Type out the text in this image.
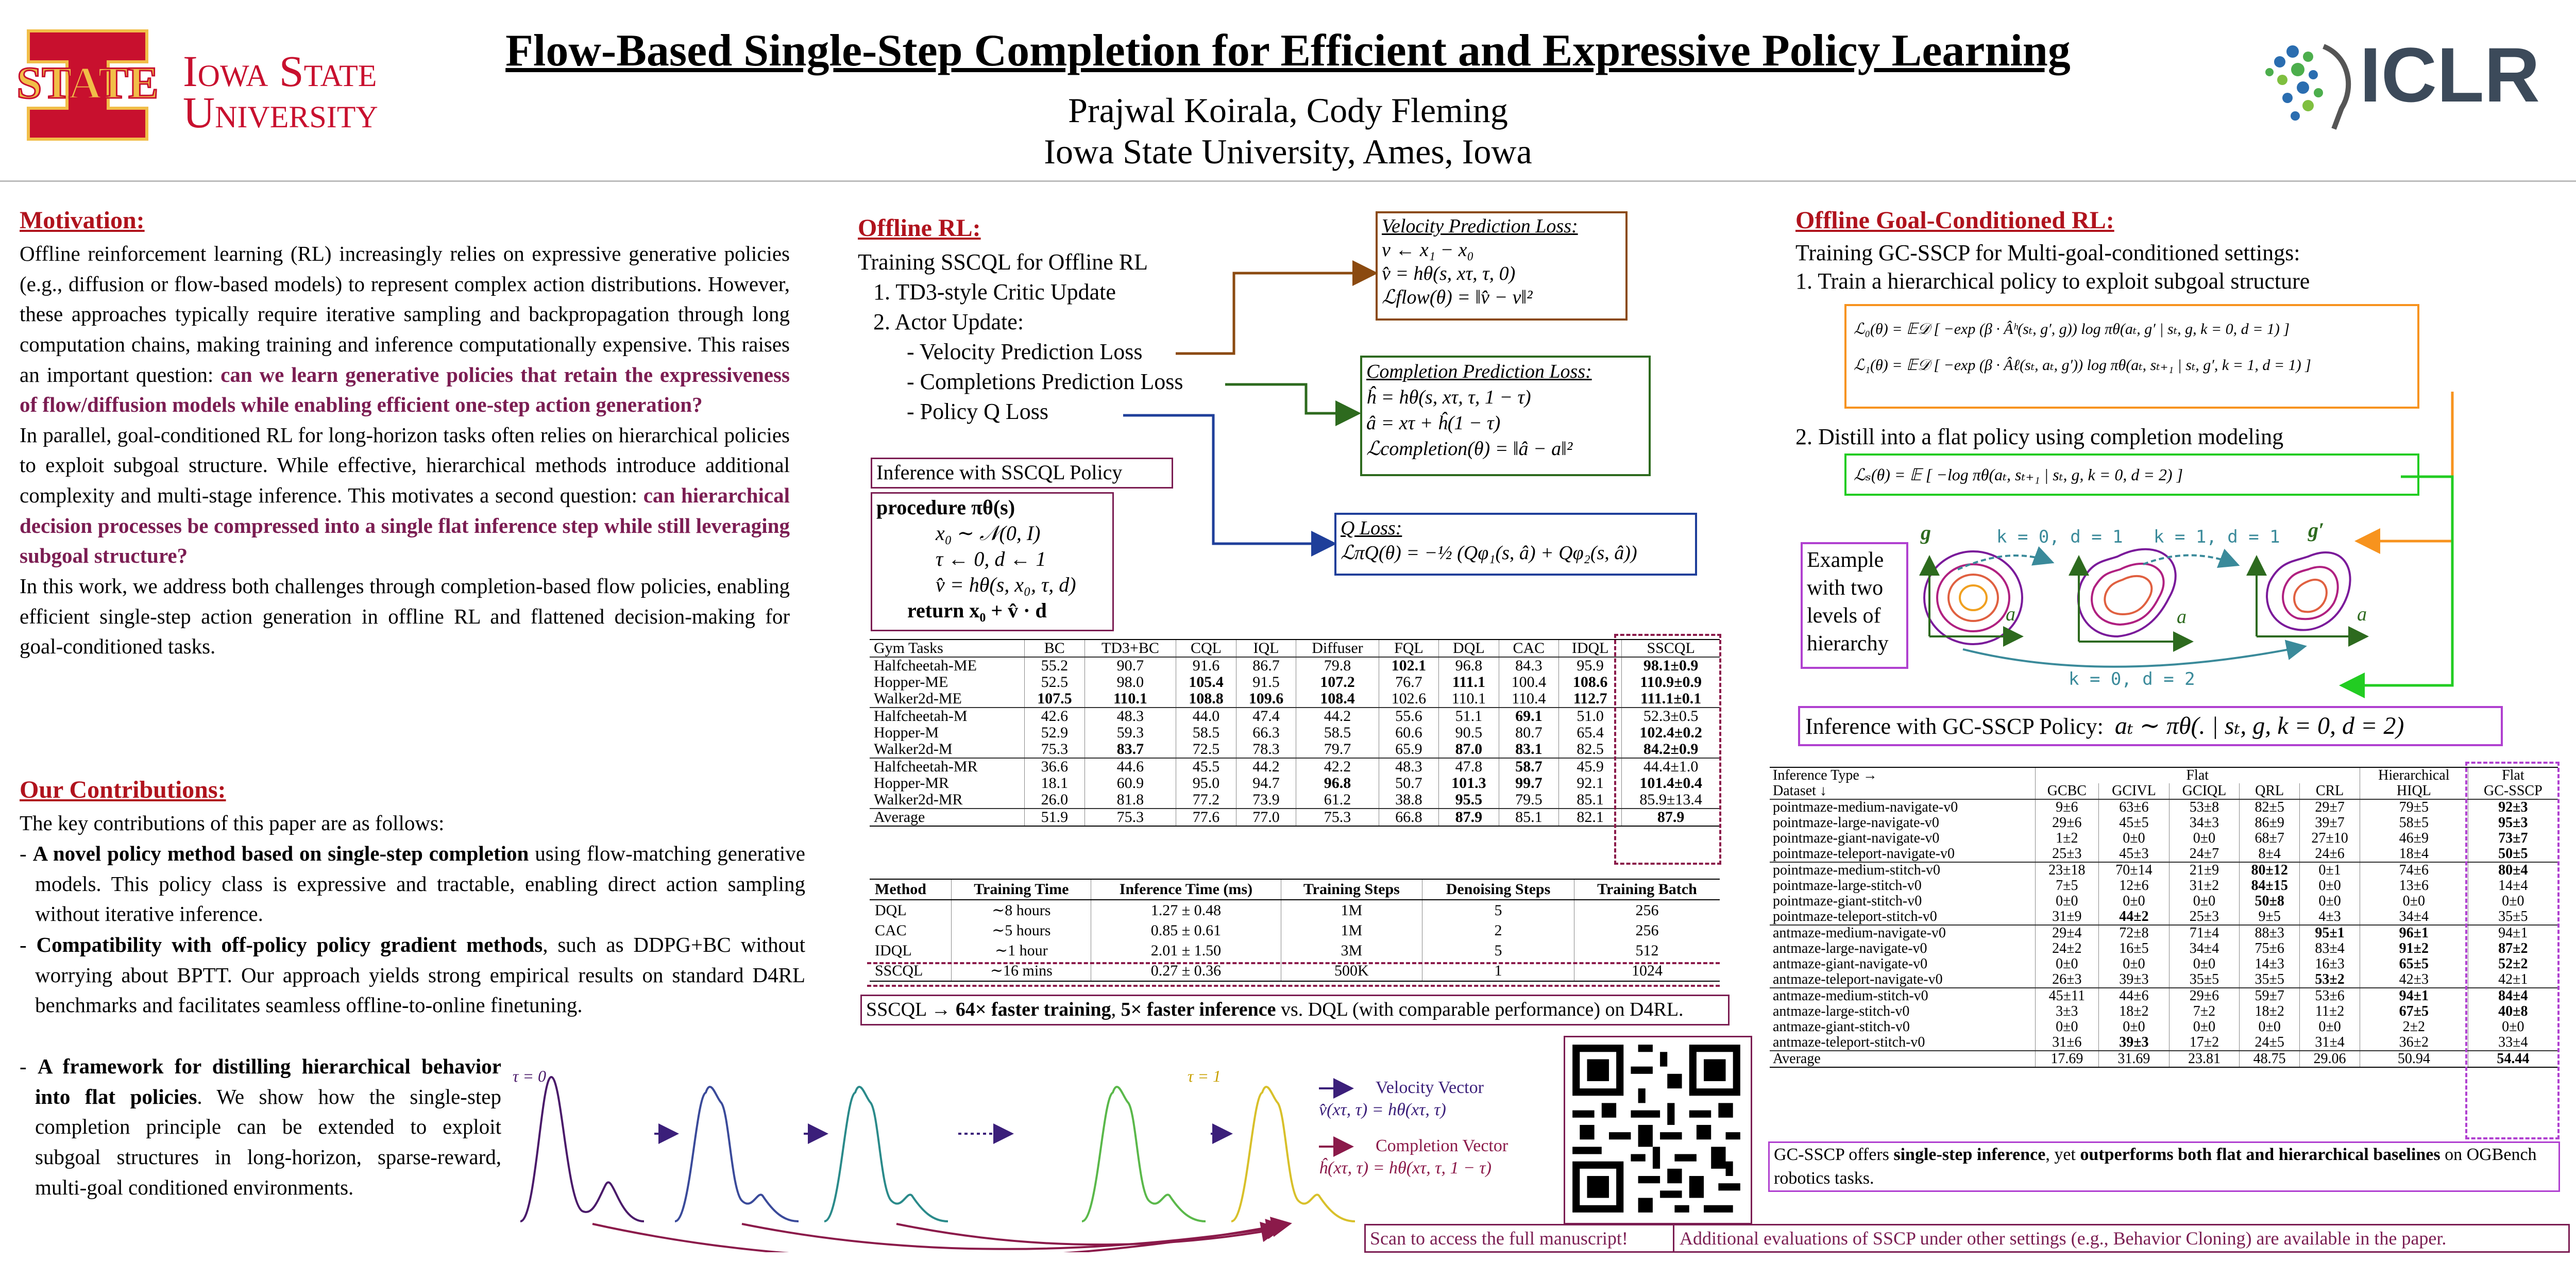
STATE Iowa State
University
Flow-Based Single-Step Completion for Efficient and Expressive Policy Learning
Prajwal Koirala, Cody Fleming
Iowa State University, Ames, Iowa
ICLR
Motivation:
Offline reinforcement learning (RL) increasingly relies on expressive generative policies (e.g., diffusion or flow-based models) to represent complex action distributions. However, these approaches typically require iterative sampling and backpropagation through long computation chains, making training and inference computationally expensive. This raises an important question: can we learn generative policies that retain the expressiveness of flow/diffusion models while enabling efficient one-step action generation?
In parallel, goal-conditioned RL for long-horizon tasks often relies on hierarchical policies to exploit subgoal structure. While effective, hierarchical methods introduce additional complexity and multi-stage inference. This motivates a second question: can hierarchical decision processes be compressed into a single flat inference step while still leveraging subgoal structure?
In this work, we address both challenges through completion-based flow policies, enabling efficient single-step action generation in offline RL and flattened decision-making for goal-conditioned tasks.
Our Contributions:
The key contributions of this paper are as follows:
- A novel policy method based on single-step completion using flow-matching generative models. This policy class is expressive and tractable, enabling direct action sampling without iterative inference.
- Compatibility with off-policy policy gradient methods, such as DDPG+BC without worrying about BPTT. Our approach yields strong empirical results on standard D4RL benchmarks and facilitates seamless offline-to-online finetuning.
- A framework for distilling hierarchical behavior into flat policies. We show how the single-step completion principle can be extended to exploit subgoal structures in long-horizon, sparse-reward, multi-goal conditioned environments.
τ = 0	τ = 1
Velocity Vector
v̂(xτ, τ) = hθ(xτ, τ)
Completion Vector
ĥ(xτ, τ) = hθ(xτ, τ, 1 − τ)
Offline RL:
Training SSCQL for Offline RL
1. TD3-style Critic Update
2. Actor Update:
- Velocity Prediction Loss
- Completions Prediction Loss
- Policy Q Loss
Velocity Prediction Loss:
v ← x₁ − x₀
v̂ = hθ(s, xτ, τ, 0)
ℒflow(θ) = ‖v̂ − v‖²
Completion Prediction Loss:
ĥ = hθ(s, xτ, τ, 1 − τ)
â = xτ + ĥ(1 − τ)
ℒcompletion(θ) = ‖â − a‖²
Q Loss:
ℒπQ(θ) = −½ (Qφ₁(s, â) + Qφ₂(s, â))
Inference with SSCQL Policy
procedure πθ(s)
x₀ ∼ 𝒩(0, I)
τ ← 0, d ← 1
v̂ = hθ(s, x₀, τ, d)
return x₀ + v̂ · d
Gym Tasks	BC	TD3+BC	CQL	IQL	Diffuser	FQL	DQL	CAC	IDQL	SSCQL
Halfcheetah-ME	55.2	90.7	91.6	86.7	79.8	102.1	96.8	84.3	95.9	98.1±0.9
Hopper-ME	52.5	98.0	105.4	91.5	107.2	76.7	111.1	100.4	108.6	110.9±0.9
Walker2d-ME	107.5	110.1	108.8	109.6	108.4	102.6	110.1	110.4	112.7	111.1±0.1
Halfcheetah-M	42.6	48.3	44.0	47.4	44.2	55.6	51.1	69.1	51.0	52.3±0.5
Hopper-M	52.9	59.3	58.5	66.3	58.5	60.6	90.5	80.7	65.4	102.4±0.2
Walker2d-M	75.3	83.7	72.5	78.3	79.7	65.9	87.0	83.1	82.5	84.2±0.9
Halfcheetah-MR	36.6	44.6	45.5	44.2	42.2	48.3	47.8	58.7	45.9	44.4±1.0
Hopper-MR	18.1	60.9	95.0	94.7	96.8	50.7	101.3	99.7	92.1	101.4±0.4
Walker2d-MR	26.0	81.8	77.2	73.9	61.2	38.8	95.5	79.5	85.1	85.9±13.4
Average	51.9	75.3	77.6	77.0	75.3	66.8	87.9	85.1	82.1	87.9
Method	Training Time	Inference Time (ms)	Training Steps	Denoising Steps	Training Batch
DQL	∼8 hours	1.27 ± 0.48	1M	5	256
CAC	∼5 hours	0.85 ± 0.61	1M	2	256
IDQL	∼1 hour	2.01 ± 1.50	3M	5	512
SSCQL	∼16 mins	0.27 ± 0.36	500K	1	1024
SSCQL → 64× faster training, 5× faster inference vs. DQL (with comparable performance) on D4RL.
Scan to access the full manuscript!	Additional evaluations of SSCP under other settings (e.g., Behavior Cloning) are available in the paper.
Offline Goal-Conditioned RL:
Training GC-SSCP for Multi-goal-conditioned settings:
1. Train a hierarchical policy to exploit subgoal structure
ℒ₀(θ) = 𝔼𝒟 [ −exp (β · Âʰ(sₜ, g′, g)) log πθ(aₜ, g′ | sₜ, g, k = 0, d = 1) ]
ℒ₁(θ) = 𝔼𝒟 [ −exp (β · Âℓ(sₜ, aₜ, g′)) log πθ(aₜ, sₜ₊₁ | sₜ, g′, k = 1, d = 1) ]
2. Distill into a flat policy using completion modeling
ℒₛ(θ) = 𝔼 [ −log πθ(aₜ, sₜ₊₁ | sₜ, g, k = 0, d = 2) ]
Example with two levels of hierarchy
k = 0, d = 1 k = 1, d = 1
k = 0, d = 2
g	g′
a	a	a
Inference with GC-SSCP Policy: aₜ ∼ πθ(. | sₜ, g, k = 0, d = 2)
Inference Type →	Flat					Hierarchical	Flat
Dataset ↓	GCBC	GCIVL	GCIQL	QRL	CRL	HIQL	GC-SSCP
pointmaze-medium-navigate-v0	9±6	63±6	53±8	82±5	29±7	79±5	92±3
pointmaze-large-navigate-v0	29±6	45±5	34±3	86±9	39±7	58±5	95±3
pointmaze-giant-navigate-v0	1±2	0±0	0±0	68±7	27±10	46±9	73±7
pointmaze-teleport-navigate-v0	25±3	45±3	24±7	8±4	24±6	18±4	50±5
pointmaze-medium-stitch-v0	23±18	70±14	21±9	80±12	0±1	74±6	80±4
pointmaze-large-stitch-v0	7±5	12±6	31±2	84±15	0±0	13±6	14±4
pointmaze-giant-stitch-v0	0±0	0±0	0±0	50±8	0±0	0±0	0±0
pointmaze-teleport-stitch-v0	31±9	44±2	25±3	9±5	4±3	34±4	35±5
antmaze-medium-navigate-v0	29±4	72±8	71±4	88±3	95±1	96±1	94±1
antmaze-large-navigate-v0	24±2	16±5	34±4	75±6	83±4	91±2	87±2
antmaze-giant-navigate-v0	0±0	0±0	0±0	14±3	16±3	65±5	52±2
antmaze-teleport-navigate-v0	26±3	39±3	35±5	35±5	53±2	42±3	42±1
antmaze-medium-stitch-v0	45±11	44±6	29±6	59±7	53±6	94±1	84±4
antmaze-large-stitch-v0	3±3	18±2	7±2	18±2	11±2	67±5	40±8
antmaze-giant-stitch-v0	0±0	0±0	0±0	0±0	0±0	2±2	0±0
antmaze-teleport-stitch-v0	31±6	39±3	17±2	24±5	31±4	36±2	33±4
Average	17.69	31.69	23.81	48.75	29.06	50.94	54.44
GC-SSCP offers single-step inference, yet outperforms both flat and hierarchical baselines on OGBench robotics tasks.
